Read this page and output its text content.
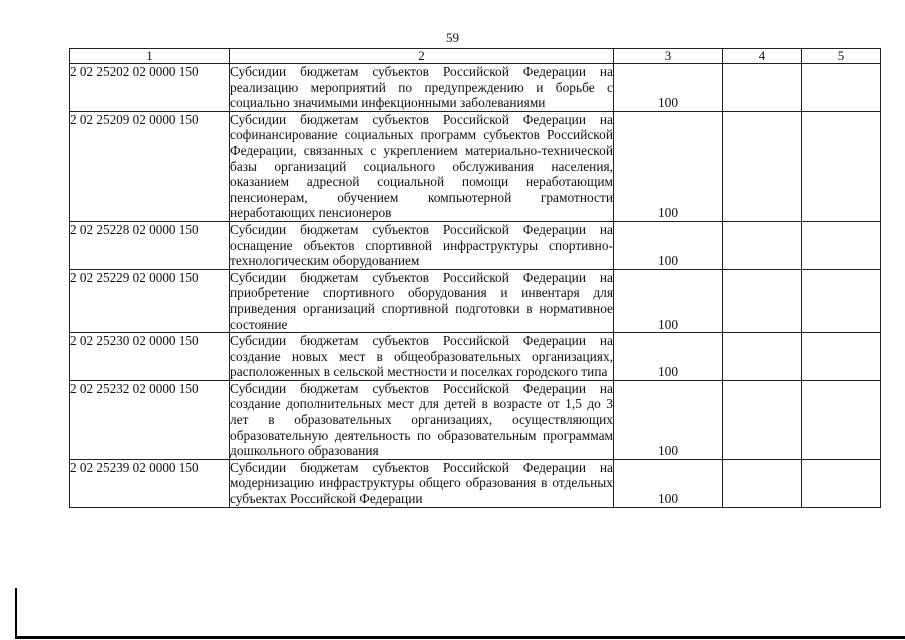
59
1	2	3	4	5
2 02 25202 02 0000 150	Субсидии бюджетам субъектов Российской Федерации на реализацию мероприятий по предупреждению и борьбе с социально значимыми инфекционными заболеваниями	100		
2 02 25209 02 0000 150	Субсидии бюджетам субъектов Российской Федерации на софинансирование социальных программ субъектов Российской Федерации, связанных с укреплением материально-технической базы организаций социального обслуживания населения, оказанием адресной социальной помощи неработающим пенсионерам, обучением компьютерной грамотности неработающих пенсионеров	100		
2 02 25228 02 0000 150	Субсидии бюджетам субъектов Российской Федерации на оснащение объектов спортивной инфраструктуры спортивно-технологическим оборудованием	100		
2 02 25229 02 0000 150	Субсидии бюджетам субъектов Российской Федерации на приобретение спортивного оборудования и инвентаря для приведения организаций спортивной подготовки в нормативное состояние	100		
2 02 25230 02 0000 150	Субсидии бюджетам субъектов Российской Федерации на создание новых мест в общеобразовательных организациях, расположенных в сельской местности и поселках городского типа	100		
2 02 25232 02 0000 150	Субсидии бюджетам субъектов Российской Федерации на создание дополнительных мест для детей в возрасте от 1,5 до 3 лет в образовательных организациях, осуществляющих образовательную деятельность по образовательным программам дошкольного образования	100		
2 02 25239 02 0000 150	Субсидии бюджетам субъектов Российской Федерации на модернизацию инфраструктуры общего образования в отдельных субъектах Российской Федерации	100		
